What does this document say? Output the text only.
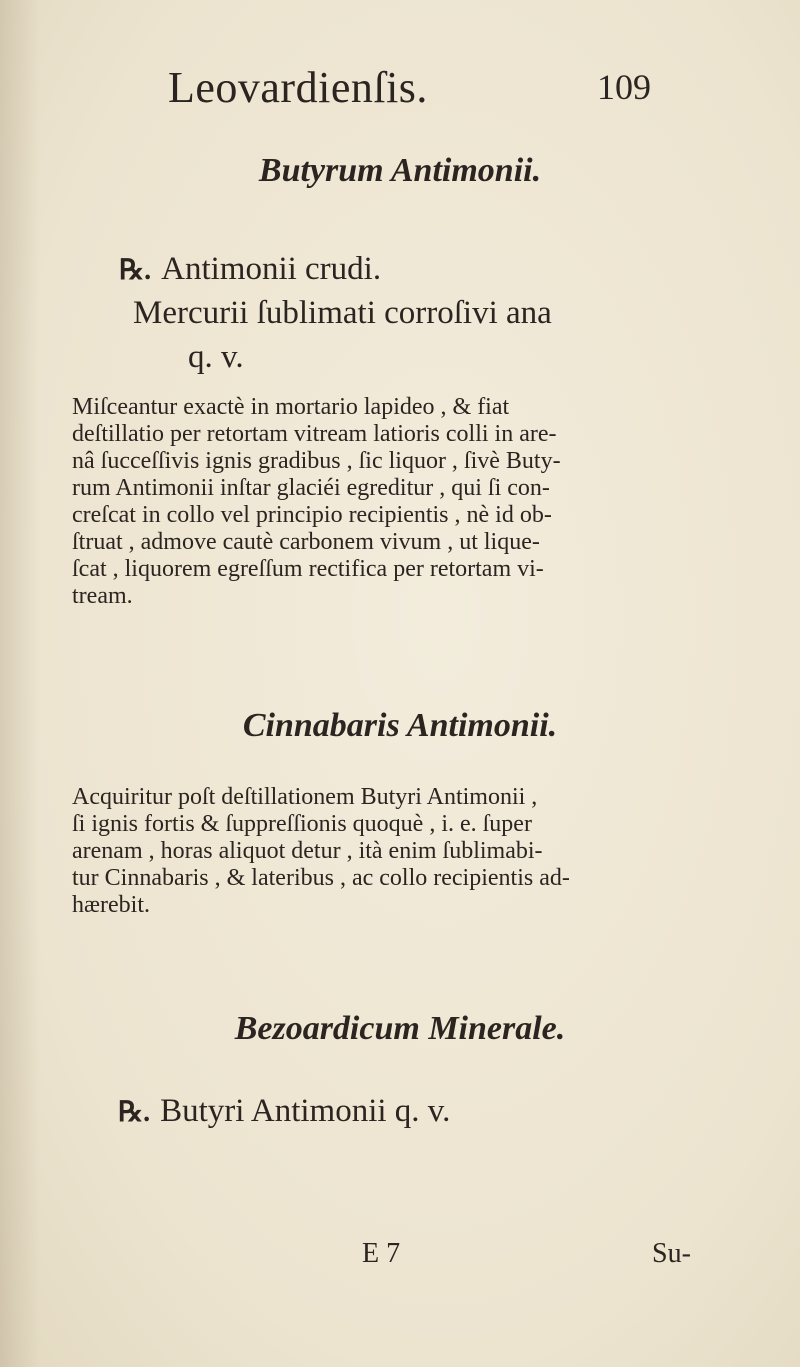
Leovardienſis.	109
Butyrum Antimonii.
℞. Antimonii crudi.
Mercurii ſublimati corroſivi ana
q. v.
Miſceantur exactè in mortario lapideo , & fiat
deſtillatio per retortam vitream latioris colli in are-
nâ ſucceſſivis ignis gradibus , ſic liquor , ſivè Buty-
rum Antimonii inſtar glaciéi egreditur , qui ſi con-
creſcat in collo vel principio recipientis , nè id ob-
ſtruat , admove cautè carbonem vivum , ut lique-
ſcat , liquorem egreſſum rectifica per retortam vi-
tream.
Cinnabaris Antimonii.
Acquiritur poſt deſtillationem Butyri Antimonii ,
ſi ignis fortis & ſuppreſſionis quoquè , i. e. ſuper
arenam , horas aliquot detur , ità enim ſublimabi-
tur Cinnabaris , & lateribus , ac collo recipientis ad-
hærebit.
Bezoardicum Minerale.
℞. Butyri Antimonii q. v.
E 7	Su-
